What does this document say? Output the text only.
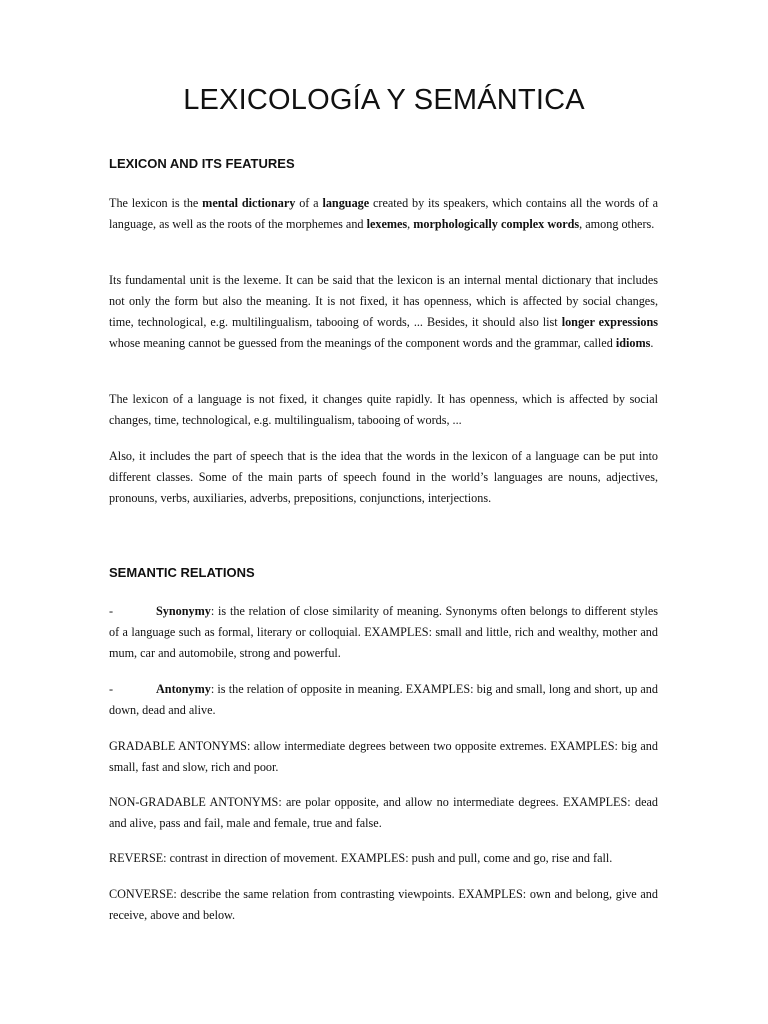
LEXICOLOGÍA Y SEMÁNTICA
LEXICON AND ITS FEATURES
The lexicon is the mental dictionary of a language created by its speakers, which contains all the words of a language, as well as the roots of the morphemes and lexemes, morphologically complex words, among others.
Its fundamental unit is the lexeme. It can be said that the lexicon is an internal mental dictionary that includes not only the form but also the meaning. It is not fixed, it has openness, which is affected by social changes, time, technological, e.g. multilingualism, tabooing of words, ... Besides, it should also list longer expressions whose meaning cannot be guessed from the meanings of the component words and the grammar, called idioms.
The lexicon of a language is not fixed, it changes quite rapidly. It has openness, which is affected by social changes, time, technological, e.g. multilingualism, tabooing of words, ...
Also, it includes the part of speech that is the idea that the words in the lexicon of a language can be put into different classes. Some of the main parts of speech found in the world’s languages are nouns, adjectives, pronouns, verbs, auxiliaries, adverbs, prepositions, conjunctions, interjections.
SEMANTIC RELATIONS
-	Synonymy: is the relation of close similarity of meaning. Synonyms often belongs to different styles of a language such as formal, literary or colloquial. EXAMPLES: small and little, rich and wealthy, mother and mum, car and automobile, strong and powerful.
-	Antonymy: is the relation of opposite in meaning. EXAMPLES: big and small, long and short, up and down, dead and alive.
GRADABLE ANTONYMS: allow intermediate degrees between two opposite extremes. EXAMPLES: big and small, fast and slow, rich and poor.
NON-GRADABLE ANTONYMS: are polar opposite, and allow no intermediate degrees. EXAMPLES: dead and alive, pass and fail, male and female, true and false.
REVERSE: contrast in direction of movement. EXAMPLES: push and pull, come and go, rise and fall.
CONVERSE: describe the same relation from contrasting viewpoints. EXAMPLES: own and belong, give and receive, above and below.
